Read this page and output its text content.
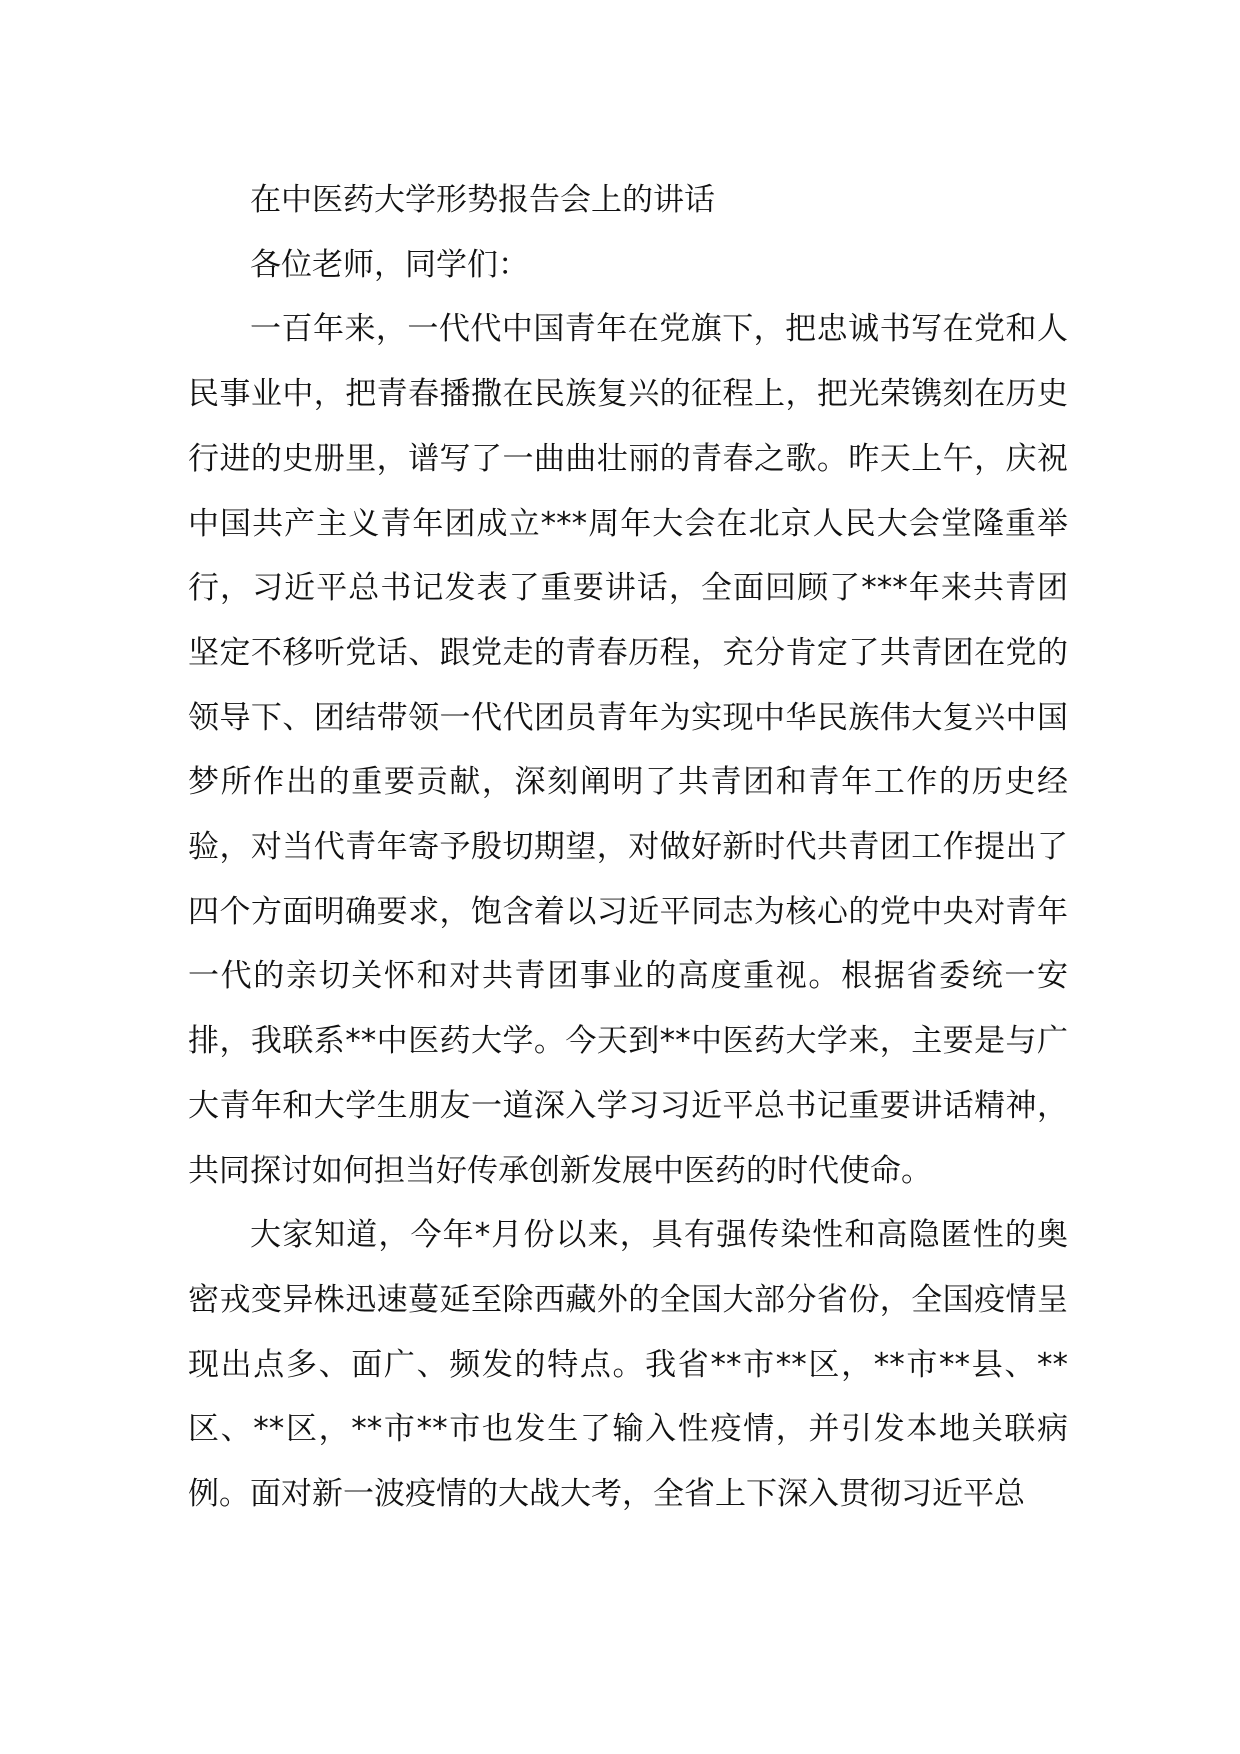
在中医药大学形势报告会上的讲话

各位老师，同学们：

一百年来，一代代中国青年在党旗下，把忠诚书写在党和人民事业中，把青春播撒在民族复兴的征程上，把光荣镌刻在历史行进的史册里，谱写了一曲曲壮丽的青春之歌。昨天上午，庆祝中国共产主义青年团成立***周年大会在北京人民大会堂隆重举行，习近平总书记发表了重要讲话，全面回顾了***年来共青团坚定不移听党话、跟党走的青春历程，充分肯定了共青团在党的领导下、团结带领一代代团员青年为实现中华民族伟大复兴中国梦所作出的重要贡献，深刻阐明了共青团和青年工作的历史经验，对当代青年寄予殷切期望，对做好新时代共青团工作提出了四个方面明确要求，饱含着以习近平同志为核心的党中央对青年一代的亲切关怀和对共青团事业的高度重视。根据省委统一安排，我联系**中医药大学。今天到**中医药大学来，主要是与广大青年和大学生朋友一道深入学习习近平总书记重要讲话精神，共同探讨如何担当好传承创新发展中医药的时代使命。

大家知道，今年*月份以来，具有强传染性和高隐匿性的奥密戎变异株迅速蔓延至除西藏外的全国大部分省份，全国疫情呈现出点多、面广、频发的特点。我省**市**区，**市**县、**区、**区，**市**市也发生了输入性疫情，并引发本地关联病例。面对新一波疫情的大战大考，全省上下深入贯彻习近平总
